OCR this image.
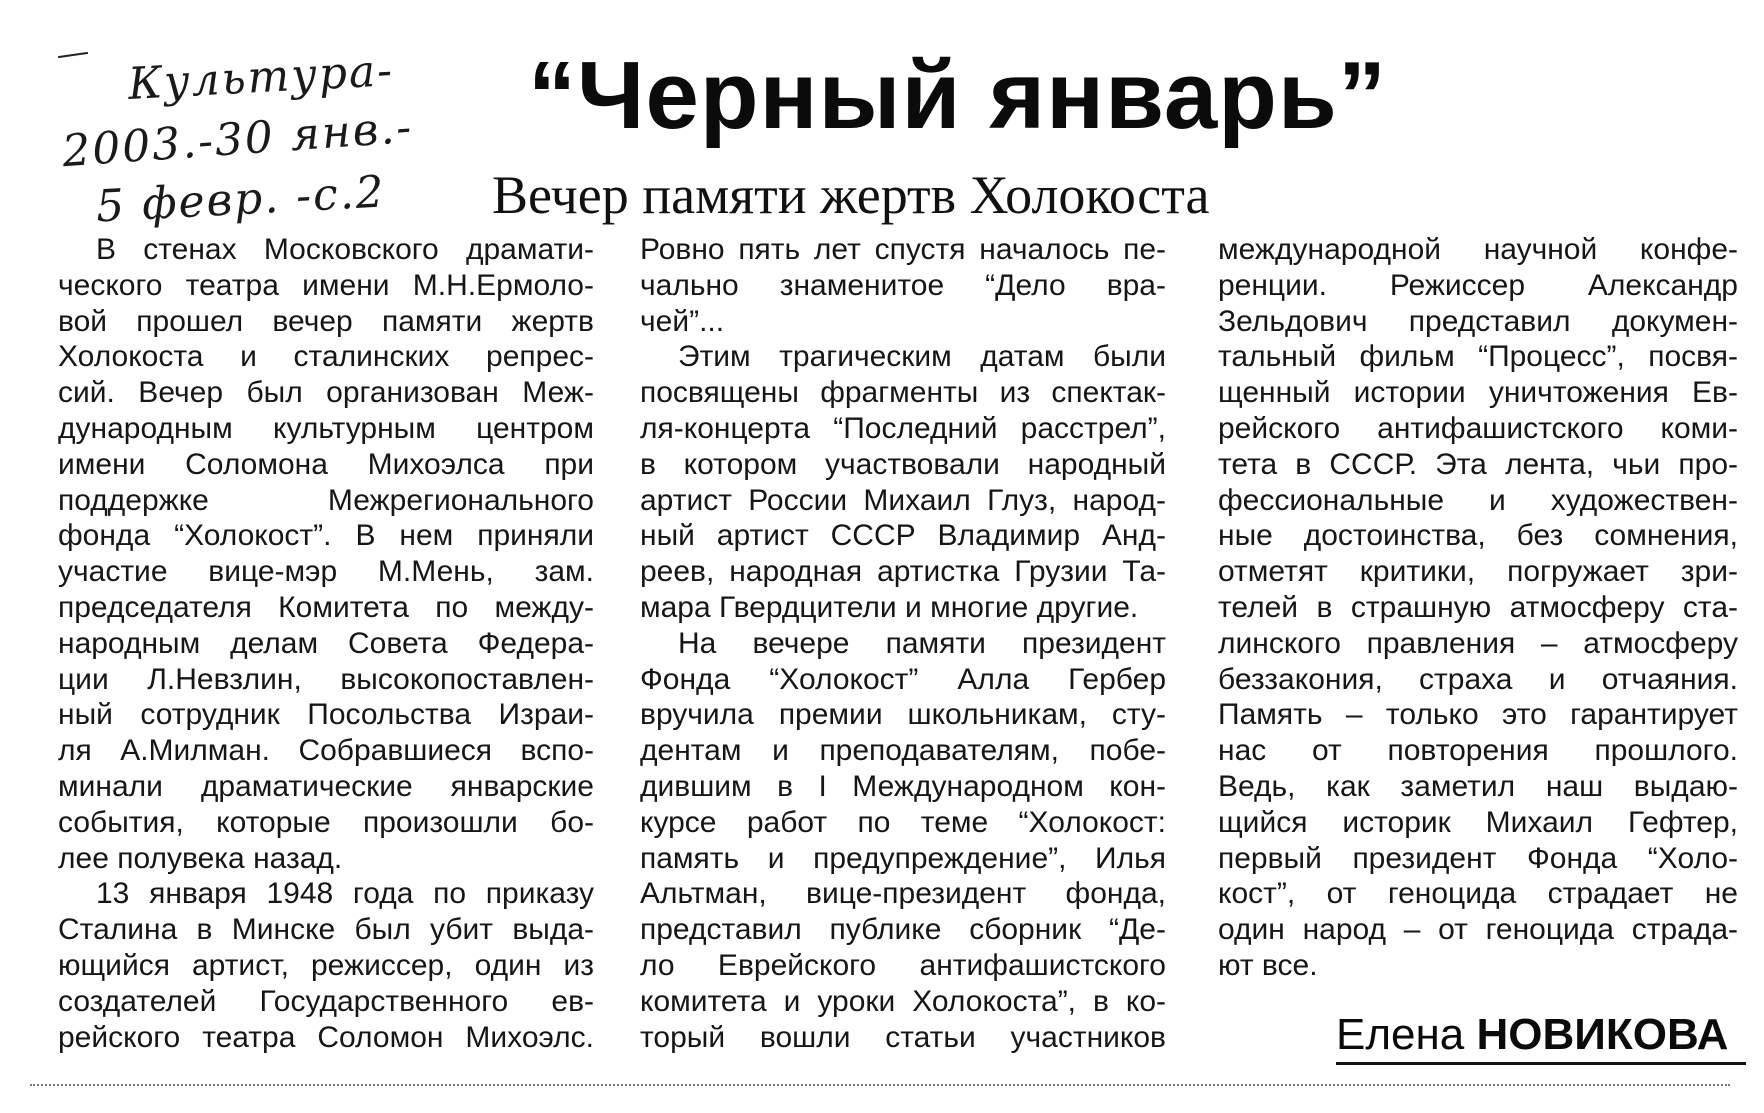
Культура-
2003.-30 янв.-
5 февр. -с.2
“Черный январь”
Вечер памяти жертв Холокоста
В стенах Московского драмати-
ческого театра имени М.Н.Ермоло-
вой прошел вечер памяти жертв
Холокоста и сталинских репрес-
сий. Вечер был организован Меж-
дународным культурным центром
имени Соломона Михоэлса при
поддержке Межрегионального
фонда “Холокост”. В нем приняли
участие вице-мэр М.Мень, зам.
председателя Комитета по между-
народным делам Совета Федера-
ции Л.Невзлин, высокопоставлен-
ный сотрудник Посольства Израи-
ля А.Милман. Собравшиеся вспо-
минали драматические январские
события, которые произошли бо-
лее полувека назад.
13 января 1948 года по приказу
Сталина в Минске был убит выда-
ющийся артист, режиссер, один из
создателей Государственного ев-
рейского театра Соломон Михоэлс.
Ровно пять лет спустя началось пе-
чально знаменитое “Дело вра-
чей”...
Этим трагическим датам были
посвящены фрагменты из спектак-
ля-концерта “Последний расстрел”,
в котором участвовали народный
артист России Михаил Глуз, народ-
ный артист СССР Владимир Анд-
реев, народная артистка Грузии Та-
мара Гвердцители и многие другие.
На вечере памяти президент
Фонда “Холокост” Алла Гербер
вручила премии школьникам, сту-
дентам и преподавателям, побе-
дившим в I Международном кон-
курсе работ по теме “Холокост:
память и предупреждение”, Илья
Альтман, вице-президент фонда,
представил публике сборник “Де-
ло Еврейского антифашистского
комитета и уроки Холокоста”, в ко-
торый вошли статьи участников
международной научной конфе-
ренции. Режиссер Александр
Зельдович представил докумен-
тальный фильм “Процесс”, посвя-
щенный истории уничтожения Ев-
рейского антифашистского коми-
тета в СССР. Эта лента, чьи про-
фессиональные и художествен-
ные достоинства, без сомнения,
отметят критики, погружает зри-
телей в страшную атмосферу ста-
линского правления – атмосферу
беззакония, страха и отчаяния.
Память – только это гарантирует
нас от повторения прошлого.
Ведь, как заметил наш выдаю-
щийся историк Михаил Гефтер,
первый президент Фонда “Холо-
кост”, от геноцида страдает не
один народ – от геноцида страда-
ют все.
Елена НОВИКОВА
